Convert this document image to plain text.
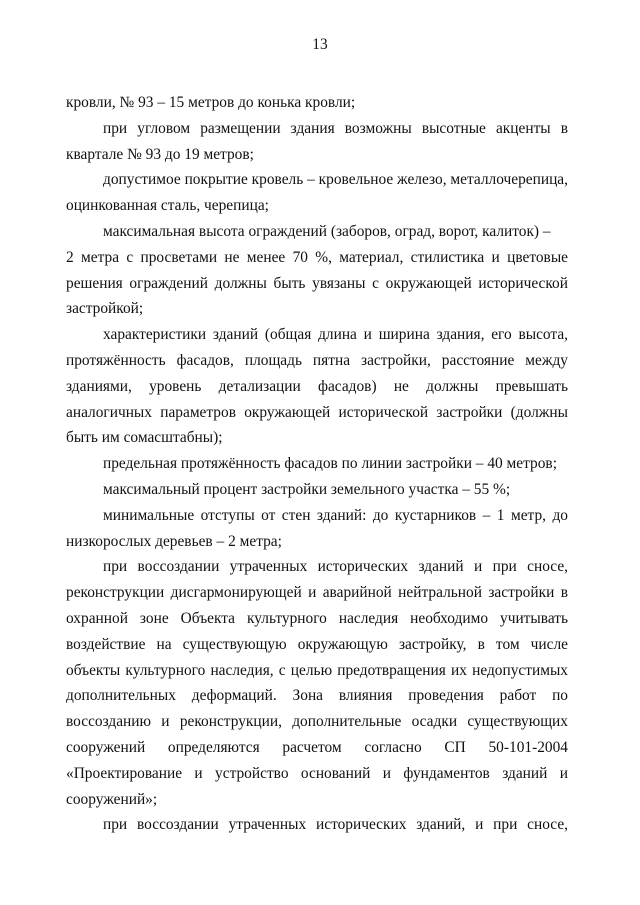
13

кровли, № 93 – 15 метров до конька кровли;

при угловом размещении здания возможны высотные акценты в квартале № 93 до 19 метров;

допустимое покрытие кровель – кровельное железо, металлочерепица, оцинкованная сталь, черепица;

максимальная высота ограждений (заборов, оград, ворот, калиток) –

2 метра с просветами не менее 70 %, материал, стилистика и цветовые решения ограждений должны быть увязаны с окружающей исторической застройкой;

характеристики зданий (общая длина и ширина здания, его высота, протяжённость фасадов, площадь пятна застройки, расстояние между зданиями, уровень детализации фасадов) не должны превышать аналогичных параметров окружающей исторической застройки (должны быть им сомасштабны);

предельная протяжённость фасадов по линии застройки – 40 метров;

максимальный процент застройки земельного участка – 55 %;

минимальные отступы от стен зданий: до кустарников – 1 метр, до низкорослых деревьев – 2 метра;

при воссоздании утраченных исторических зданий и при сносе, реконструкции дисгармонирующей и аварийной нейтральной застройки в охранной зоне Объекта культурного наследия необходимо учитывать воздействие на существующую окружающую застройку, в том числе объекты культурного наследия, с целью предотвращения их недопустимых дополнительных деформаций. Зона влияния проведения работ по воссозданию и реконструкции, дополнительные осадки существующих сооружений определяются расчетом согласно СП 50-101-2004 «Проектирование и устройство оснований и фундаментов зданий и сооружений»;

при воссоздании утраченных исторических зданий, и при сносе,
